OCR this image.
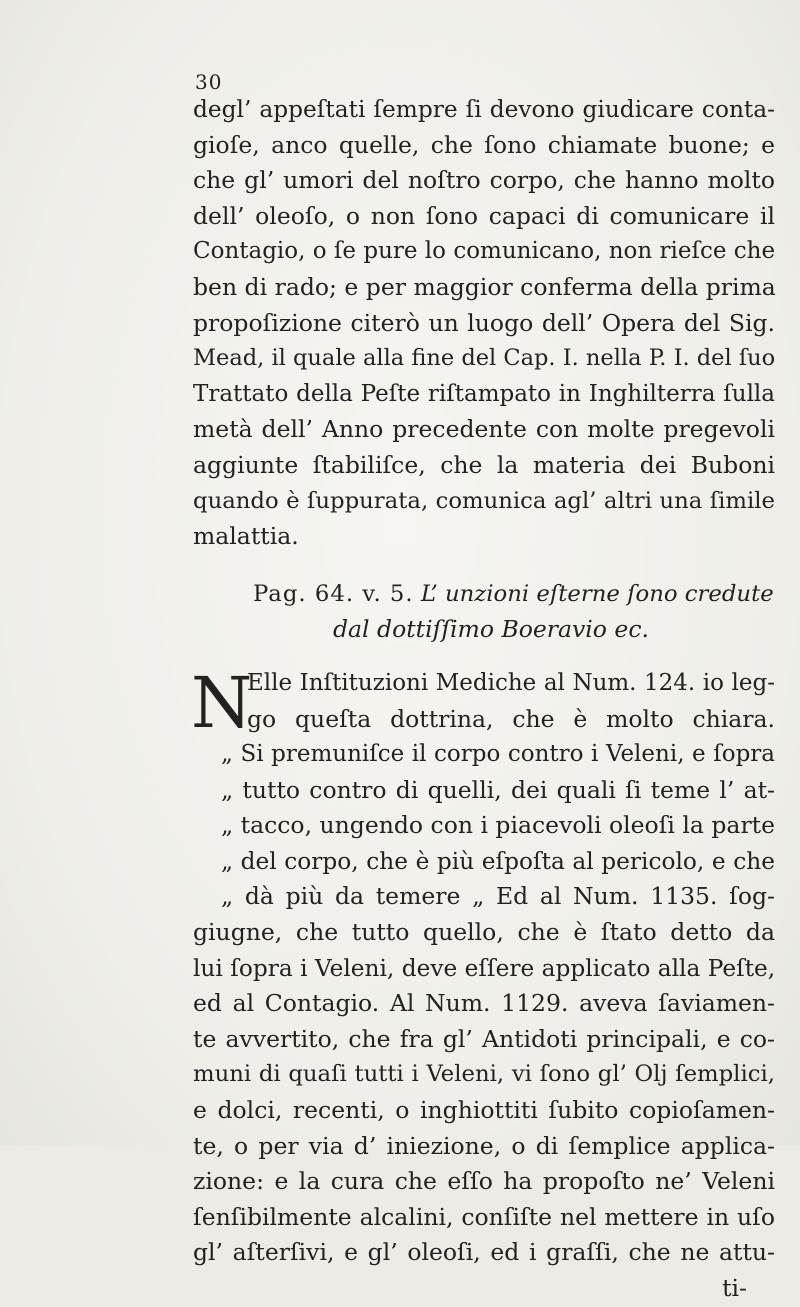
30
degl’ appeſtati ſempre ſi devono giudicare conta-
gioſe, anco quelle, che ſono chiamate buone; e
che gl’ umori del noſtro corpo, che hanno molto
dell’ oleoſo, o non ſono capaci di comunicare il
Contagio, o ſe pure lo comunicano, non rieſce che
ben di rado; e per maggior conferma della prima
propoſizione citerò un luogo dell’ Opera del Sig.
Mead, il quale alla fine del Cap. I. nella P. I. del ſuo
Trattato della Peſte riſtampato in Inghilterra ſulla
metà dell’ Anno precedente con molte pregevoli
aggiunte ſtabiliſce, che la materia dei Buboni
quando è ſuppurata, comunica agl’ altri una ſimile
malattia.
Pag. 64. v. 5. L’ unzioni eſterne ſono credute
dal dottiſſimo Boeravio ec.
N
Elle Inſtituzioni Mediche al Num. 124. io leg-
go queſta dottrina, che è molto chiara.
„ Si premuniſce il corpo contro i Veleni, e ſopra
„ tutto contro di quelli, dei quali ſi teme l’ at-
„ tacco, ungendo con i piacevoli oleoſi la parte
„ del corpo, che è più eſpoſta al pericolo, e che
„ dà più da temere „ Ed al Num. 1135. ſog-
giugne, che tutto quello, che è ſtato detto da
lui ſopra i Veleni, deve eſſere applicato alla Peſte,
ed al Contagio. Al Num. 1129. aveva ſaviamen-
te avvertito, che fra gl’ Antidoti principali, e co-
muni di quaſi tutti i Veleni, vi ſono gl’ Olj ſemplici,
e dolci, recenti, o inghiottiti ſubito copioſamen-
te, o per via d’ iniezione, o di ſemplice applica-
zione: e la cura che eſſo ha propoſto ne’ Veleni
ſenſibilmente alcalini, conſiſte nel mettere in uſo
gl’ aſterſivi, e gl’ oleoſi, ed i graſſi, che ne attu-
ti-
